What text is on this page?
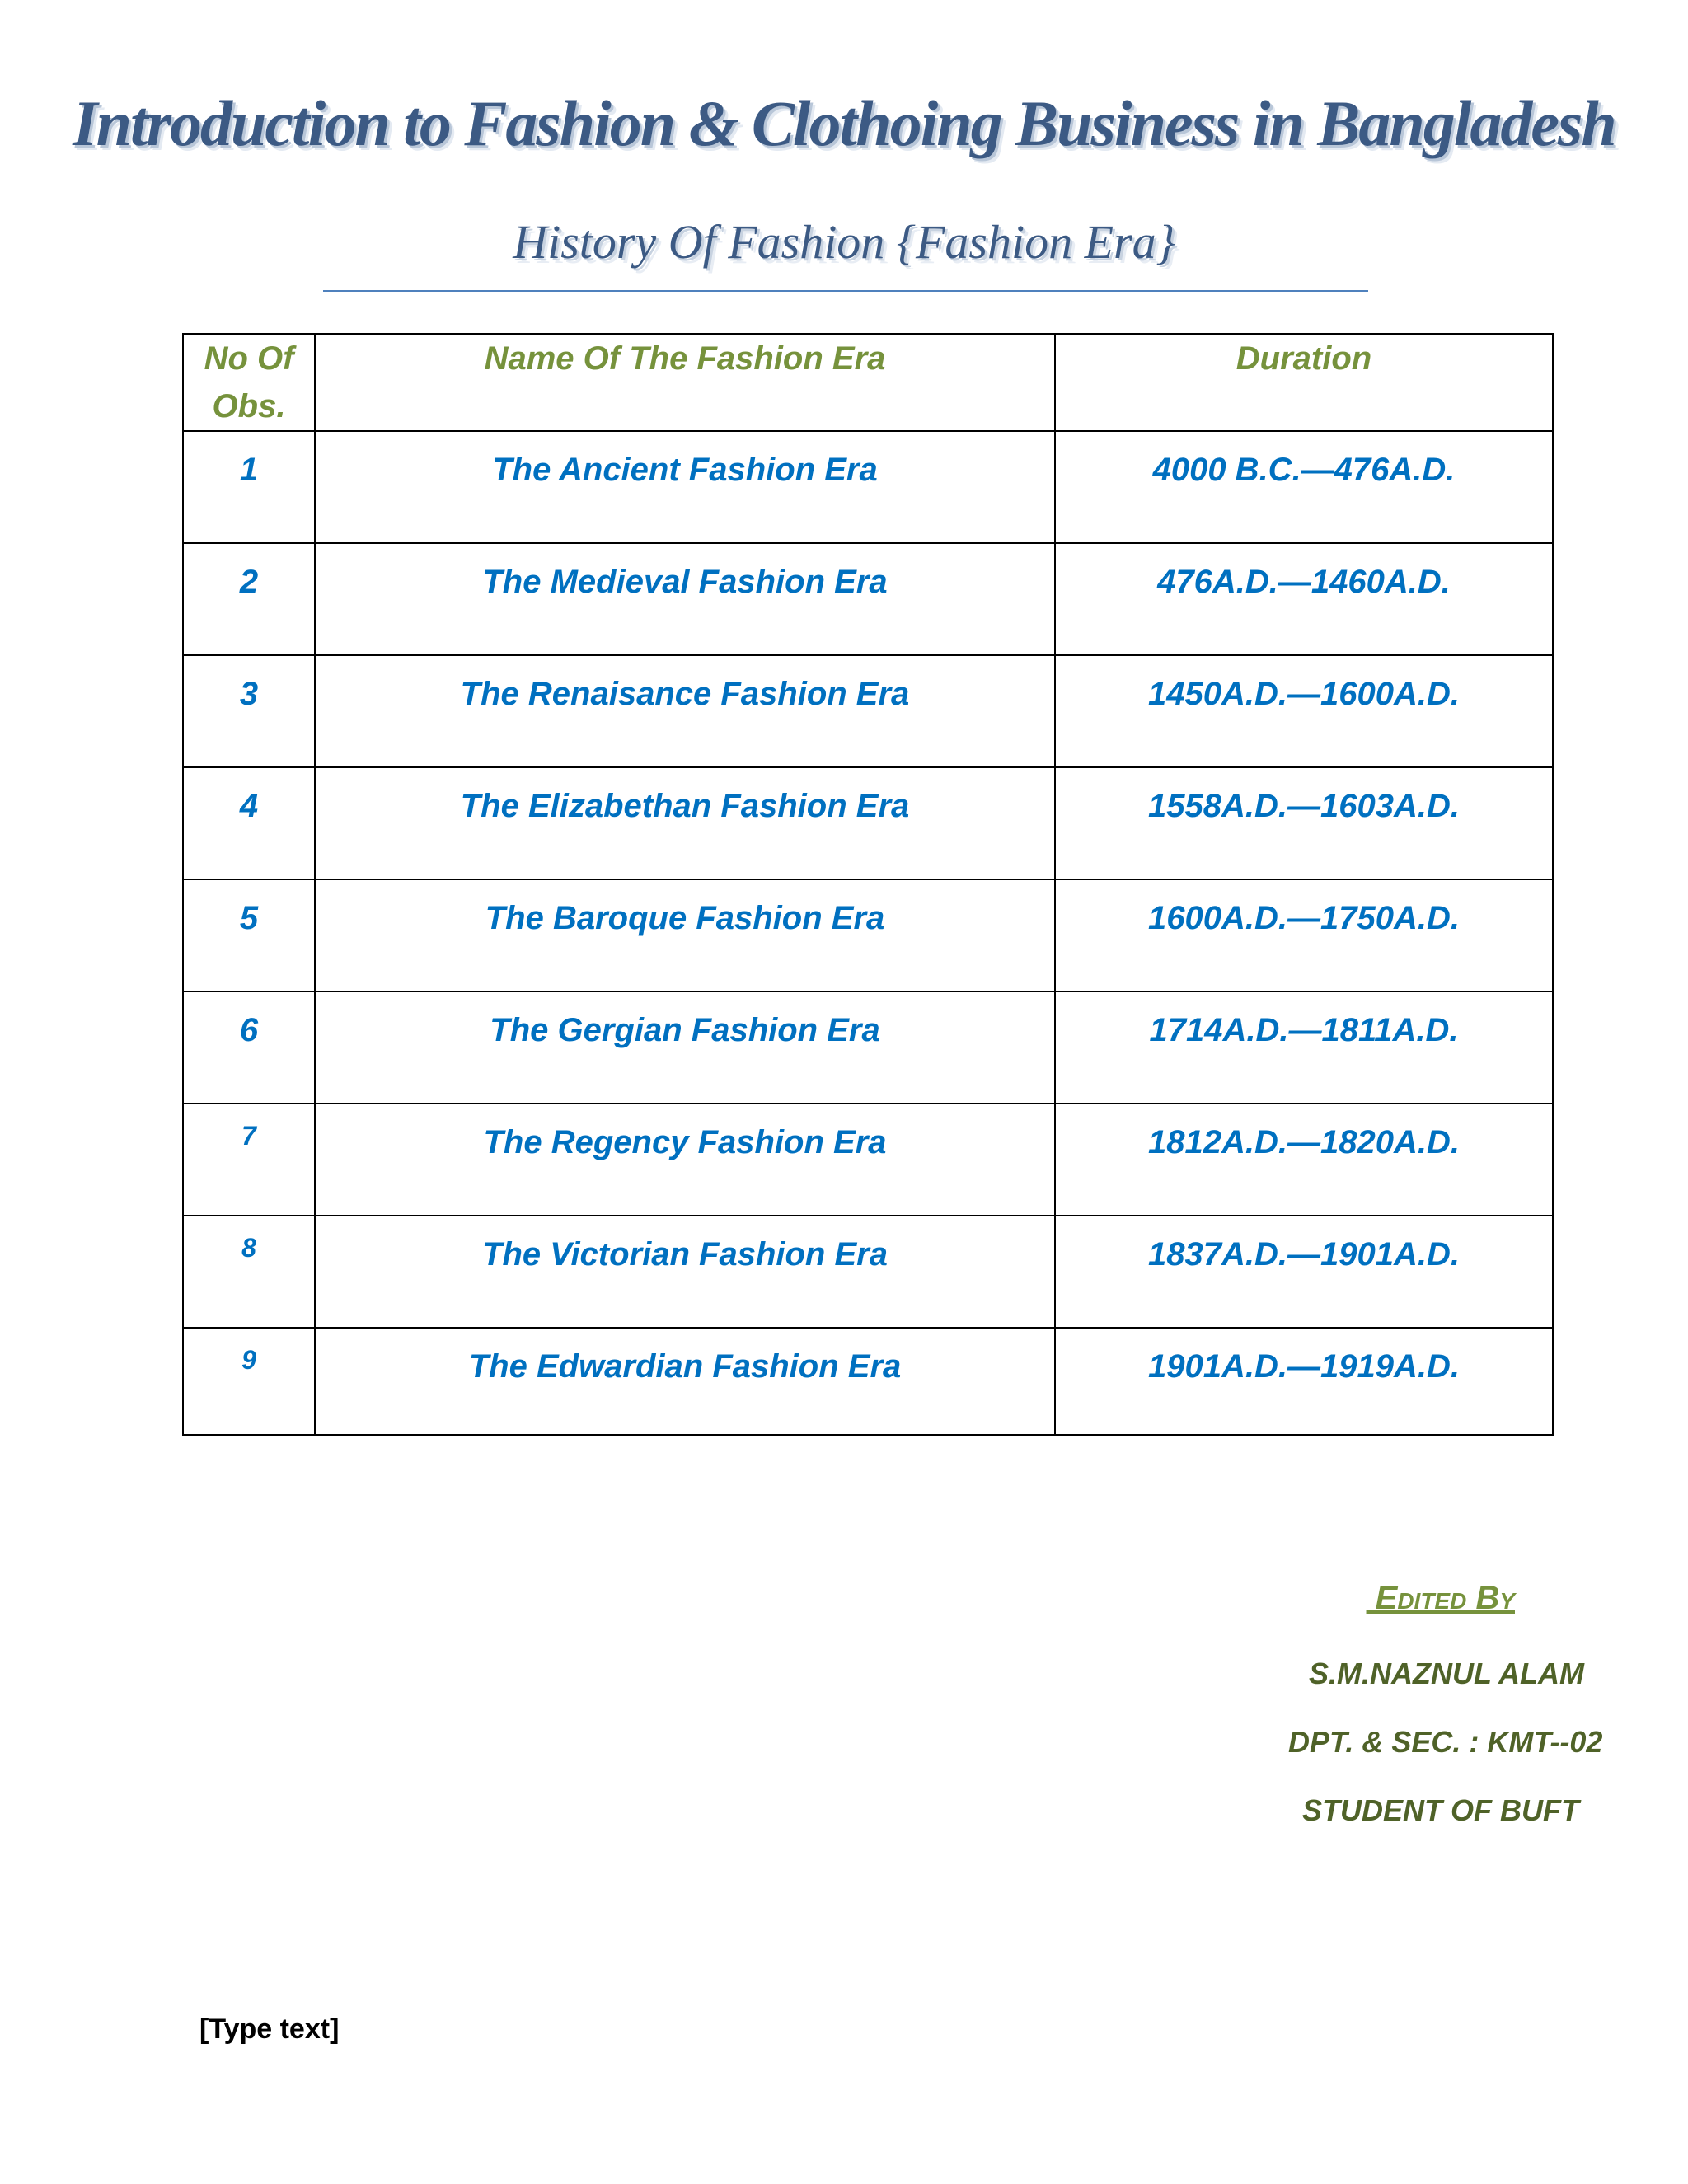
Introduction to Fashion & Clothoing Business in Bangladesh
History Of Fashion {Fashion Era}
No Of Obs.	Name Of The Fashion Era	Duration
1	The Ancient Fashion Era	4000 B.C.—476A.D.
2	The Medieval Fashion Era	476A.D.—1460A.D.
3	The Renaisance Fashion Era	1450A.D.—1600A.D.
4	The Elizabethan Fashion Era	1558A.D.—1603A.D.
5	The Baroque Fashion Era	1600A.D.—1750A.D.
6	The Gergian Fashion Era	1714A.D.—1811A.D.
7	The Regency Fashion Era	1812A.D.—1820A.D.
8	The Victorian Fashion Era	1837A.D.—1901A.D.
9	The Edwardian Fashion Era	1901A.D.—1919A.D.
Edited By
S.M.NAZNUL ALAM
DPT. & SEC. : KMT--02
STUDENT OF BUFT
[Type text]
